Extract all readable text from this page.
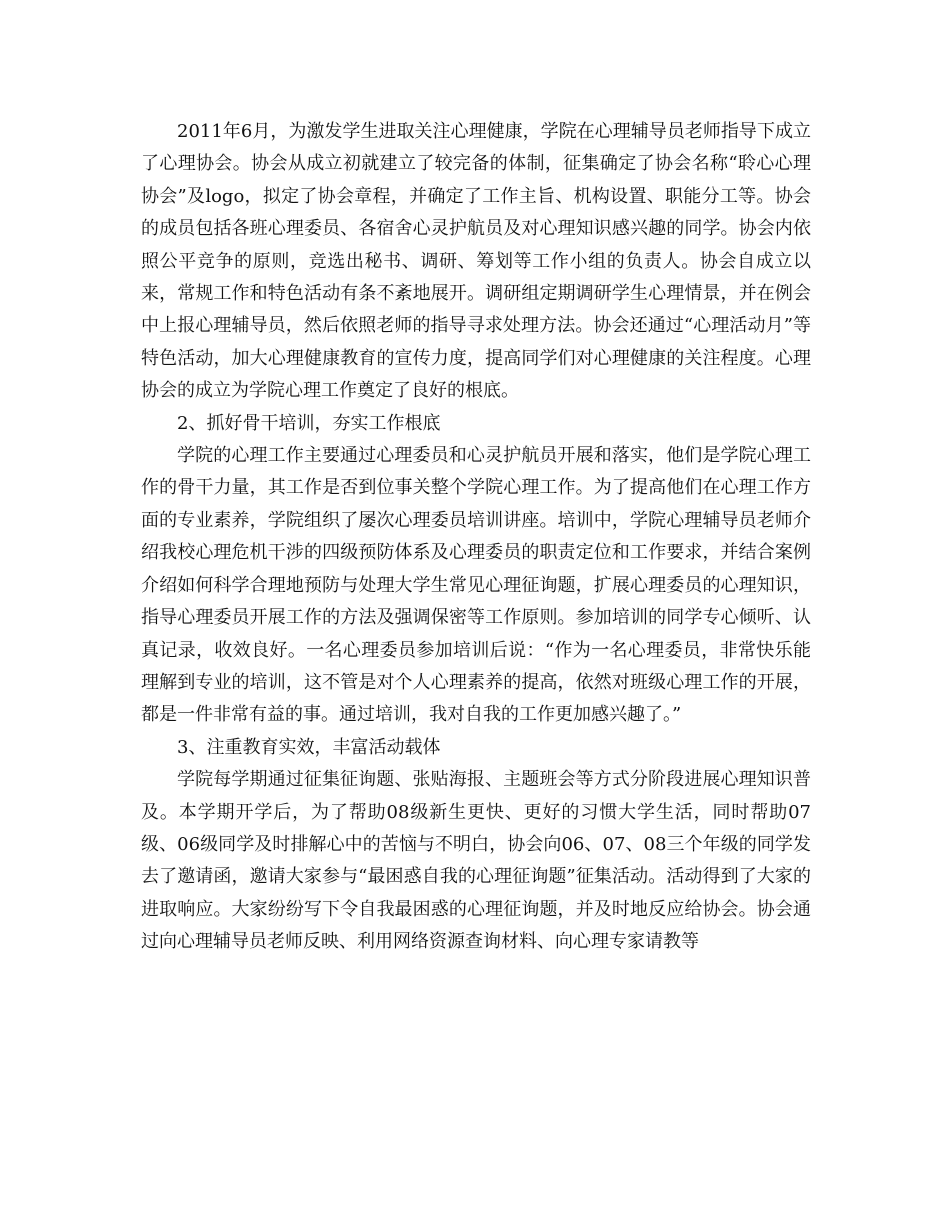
2011年6月，为激发学生进取关注心理健康，学院在心理辅导员老师指导下成立了心理协会。协会从成立初就建立了较完备的体制，征集确定了协会名称“聆心心理协会”及logo，拟定了协会章程，并确定了工作主旨、机构设置、职能分工等。协会的成员包括各班心理委员、各宿舍心灵护航员及对心理知识感兴趣的同学。协会内依照公平竞争的原则，竞选出秘书、调研、筹划等工作小组的负责人。协会自成立以来，常规工作和特色活动有条不紊地展开。调研组定期调研学生心理情景，并在例会中上报心理辅导员，然后依照老师的指导寻求处理方法。协会还通过“心理活动月”等特色活动，加大心理健康教育的宣传力度，提高同学们对心理健康的关注程度。心理协会的成立为学院心理工作奠定了良好的根底。

2、抓好骨干培训，夯实工作根底

学院的心理工作主要通过心理委员和心灵护航员开展和落实，他们是学院心理工作的骨干力量，其工作是否到位事关整个学院心理工作。为了提高他们在心理工作方面的专业素养，学院组织了屡次心理委员培训讲座。培训中，学院心理辅导员老师介绍我校心理危机干涉的四级预防体系及心理委员的职责定位和工作要求，并结合案例介绍如何科学合理地预防与处理大学生常见心理征询题，扩展心理委员的心理知识，指导心理委员开展工作的方法及强调保密等工作原则。参加培训的同学专心倾听、认真记录，收效良好。一名心理委员参加培训后说：“作为一名心理委员，非常快乐能理解到专业的培训，这不管是对个人心理素养的提高，依然对班级心理工作的开展，都是一件非常有益的事。通过培训，我对自我的工作更加感兴趣了。”

3、注重教育实效，丰富活动载体

学院每学期通过征集征询题、张贴海报、主题班会等方式分阶段进展心理知识普及。本学期开学后，为了帮助08级新生更快、更好的习惯大学生活，同时帮助07级、06级同学及时排解心中的苦恼与不明白，协会向06、07、08三个年级的同学发去了邀请函，邀请大家参与“最困惑自我的心理征询题”征集活动。活动得到了大家的进取响应。大家纷纷写下令自我最困惑的心理征询题，并及时地反应给协会。协会通过向心理辅导员老师反映、利用网络资源查询材料、向心理专家请教等
